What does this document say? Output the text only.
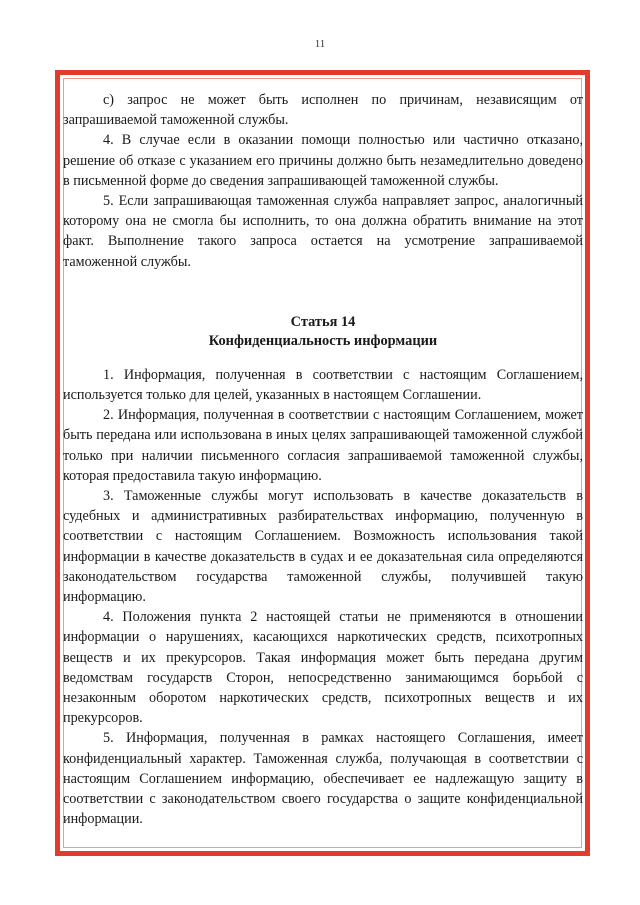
11

с) запрос не может быть исполнен по причинам, независящим от запрашиваемой таможенной службы.

4. В случае если в оказании помощи полностью или частично отказано, решение об отказе с указанием его причины должно быть незамедлительно доведено в письменной форме до сведения запрашивающей таможенной службы.

5. Если запрашивающая таможенная служба направляет запрос, аналогичный которому она не смогла бы исполнить, то она должна обратить внимание на этот факт. Выполнение такого запроса остается на усмотрение запрашиваемой таможенной службы.

Статья 14
Конфиденциальность информации

1. Информация, полученная в соответствии с настоящим Соглашением, используется только для целей, указанных в настоящем Соглашении.

2. Информация, полученная в соответствии с настоящим Соглашением, может быть передана или использована в иных целях запрашивающей таможенной службой только при наличии письменного согласия запрашиваемой таможенной службы, которая предоставила такую информацию.

3. Таможенные службы могут использовать в качестве доказательств в судебных и административных разбирательствах информацию, полученную в соответствии с настоящим Соглашением. Возможность использования такой информации в качестве доказательств в судах и ее доказательная сила определяются законодательством государства таможенной службы, получившей такую информацию.

4. Положения пункта 2 настоящей статьи не применяются в отношении информации о нарушениях, касающихся наркотических средств, психотропных веществ и их прекурсоров. Такая информация может быть передана другим ведомствам государств Сторон, непосредственно занимающимся борьбой с незаконным оборотом наркотических средств, психотропных веществ и их прекурсоров.

5. Информация, полученная в рамках настоящего Соглашения, имеет конфиденциальный характер. Таможенная служба, получающая в соответствии с настоящим Соглашением информацию, обеспечивает ее надлежащую защиту в соответствии с законодательством своего государства о защите конфиденциальной информации.
